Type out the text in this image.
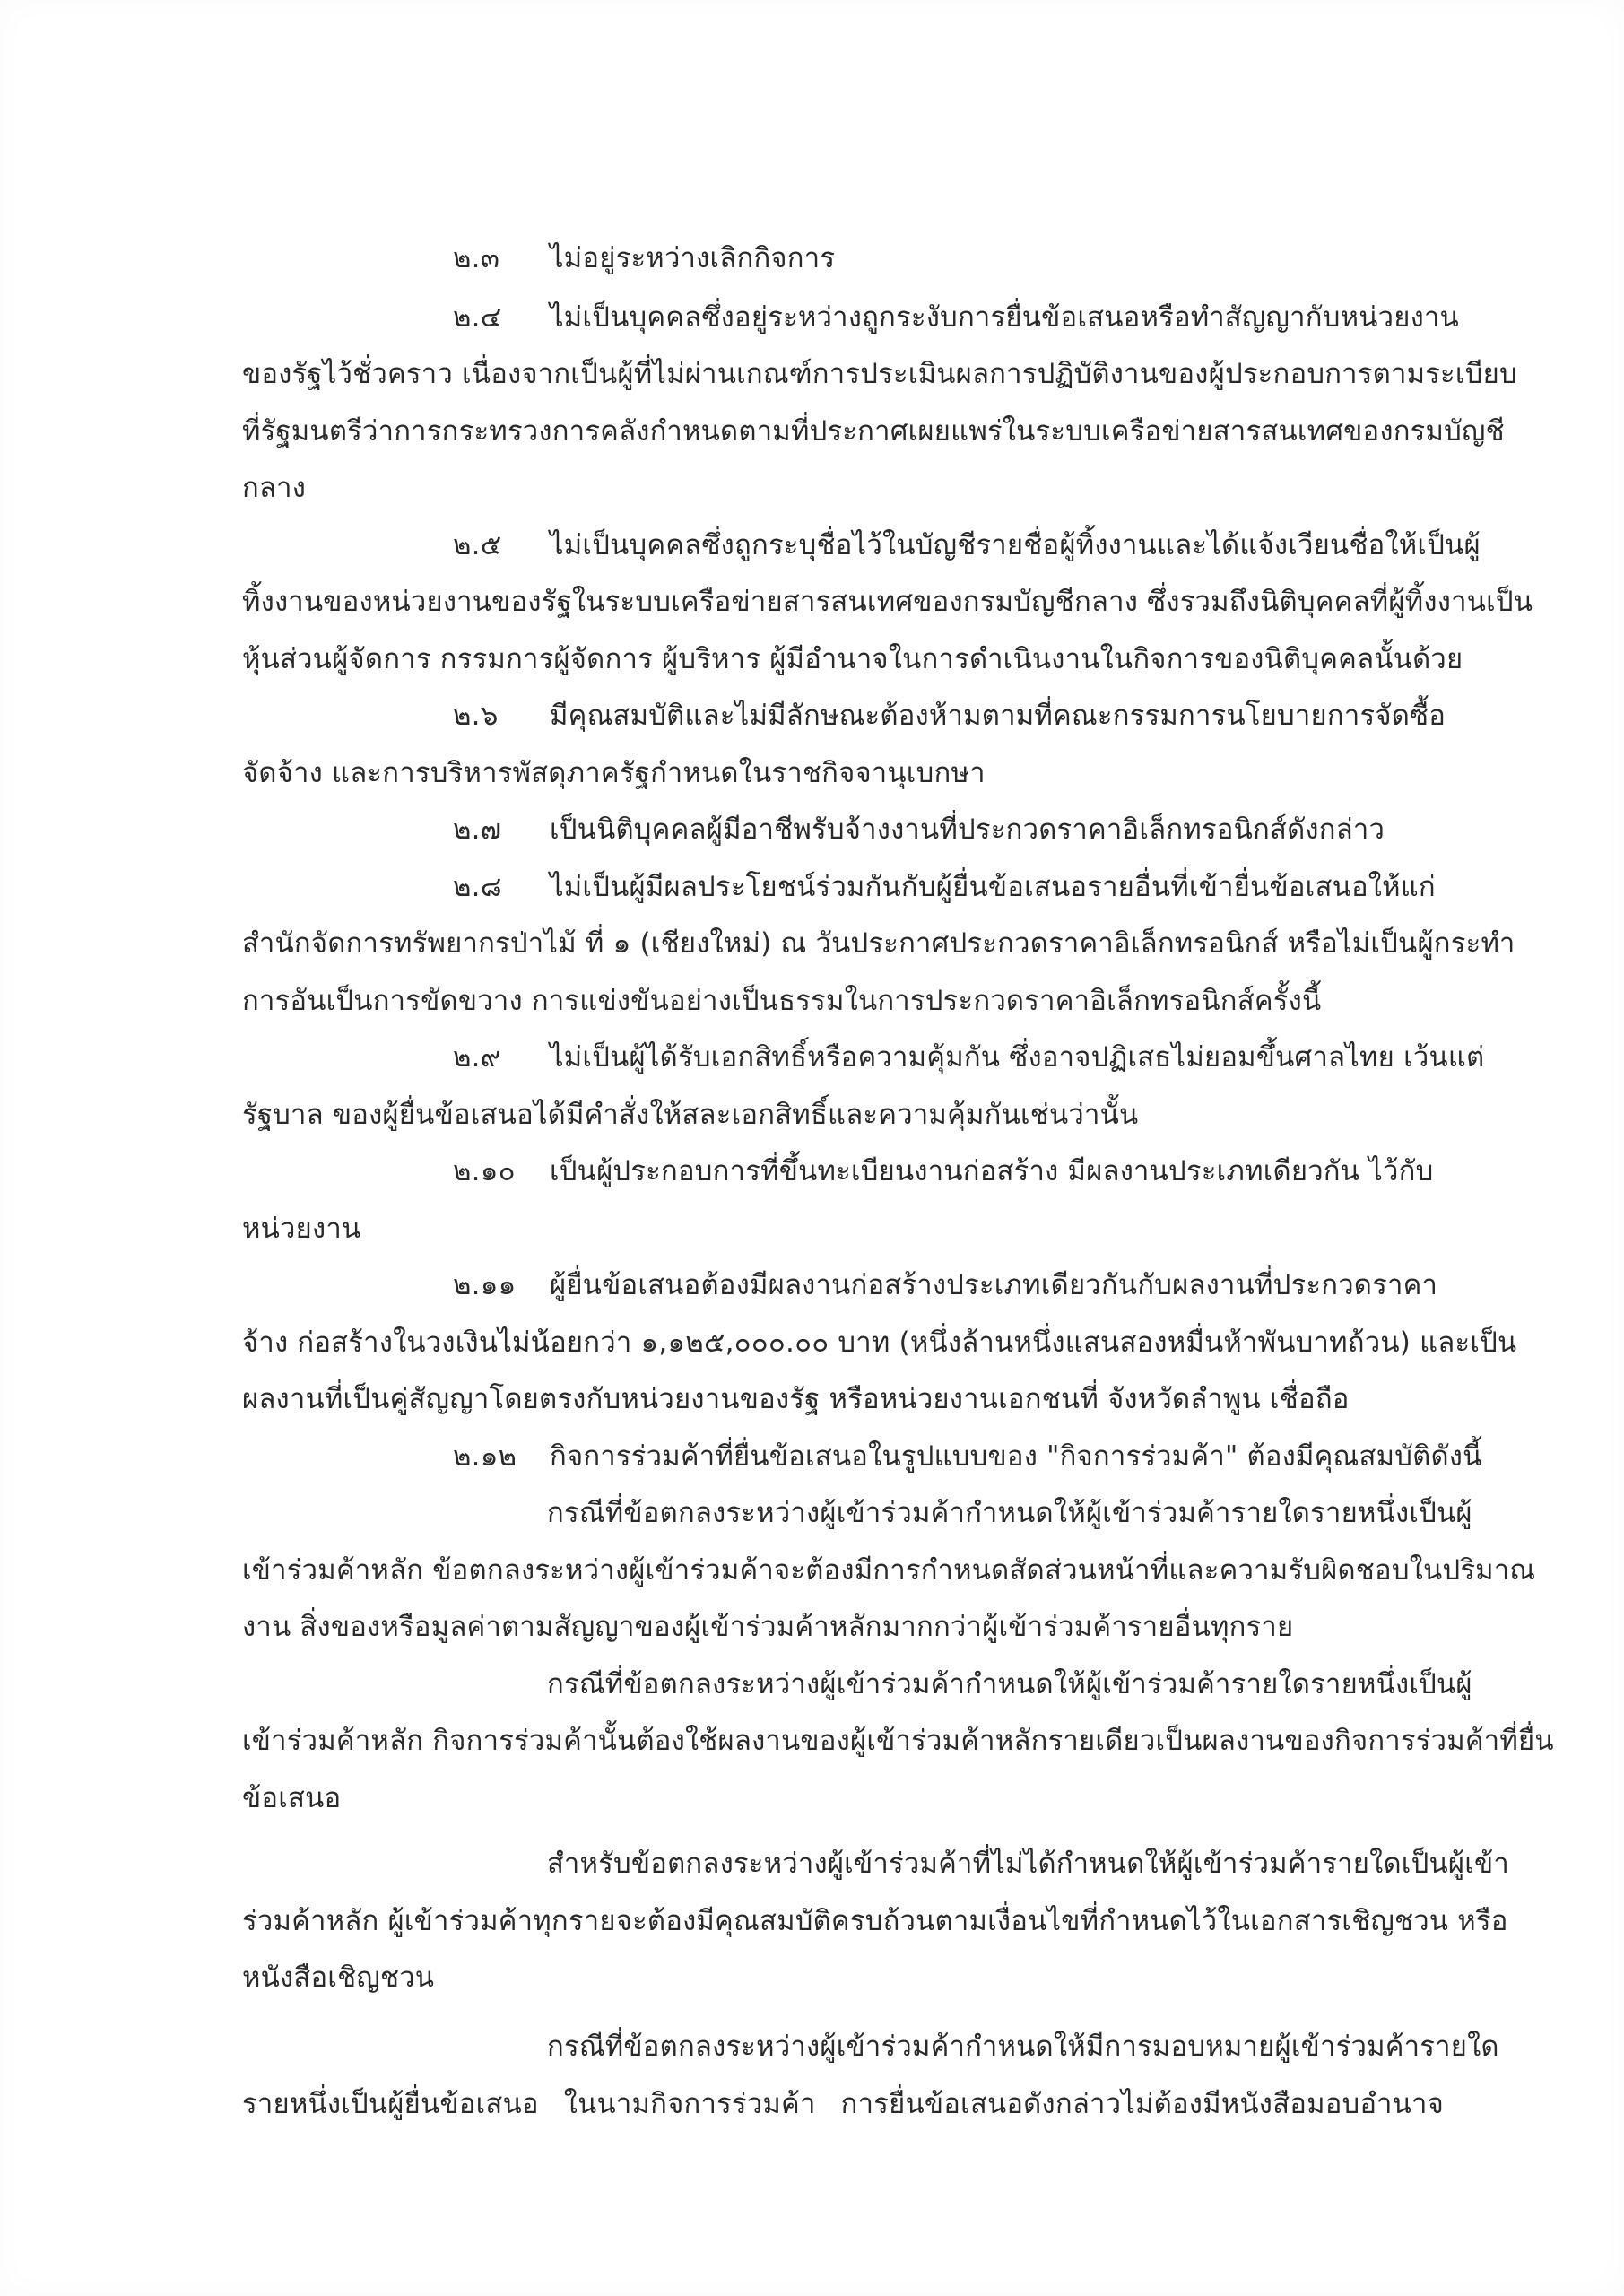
๒.๓ ไม่อยู่ระหว่างเลิกกิจการ
๒.๔ ไม่เป็นบุคคลซึ่งอยู่ระหว่างถูกระงับการยื่นข้อเสนอหรือทำสัญญากับหน่วยงาน
ของรัฐไว้ชั่วคราว เนื่องจากเป็นผู้ที่ไม่ผ่านเกณฑ์การประเมินผลการปฏิบัติงานของผู้ประกอบการตามระเบียบ
ที่รัฐมนตรีว่าการกระทรวงการคลังกำหนดตามที่ประกาศเผยแพร่ในระบบเครือข่ายสารสนเทศของกรมบัญชี
กลาง
๒.๕ ไม่เป็นบุคคลซึ่งถูกระบุชื่อไว้ในบัญชีรายชื่อผู้ทิ้งงานและได้แจ้งเวียนชื่อให้เป็นผู้
ทิ้งงานของหน่วยงานของรัฐในระบบเครือข่ายสารสนเทศของกรมบัญชีกลาง ซึ่งรวมถึงนิติบุคคลที่ผู้ทิ้งงานเป็น
หุ้นส่วนผู้จัดการ กรรมการผู้จัดการ ผู้บริหาร ผู้มีอำนาจในการดำเนินงานในกิจการของนิติบุคคลนั้นด้วย
๒.๖ มีคุณสมบัติและไม่มีลักษณะต้องห้ามตามที่คณะกรรมการนโยบายการจัดซื้อ
จัดจ้าง และการบริหารพัสดุภาครัฐกำหนดในราชกิจจานุเบกษา
๒.๗ เป็นนิติบุคคลผู้มีอาชีพรับจ้างงานที่ประกวดราคาอิเล็กทรอนิกส์ดังกล่าว
๒.๘ ไม่เป็นผู้มีผลประโยชน์ร่วมกันกับผู้ยื่นข้อเสนอรายอื่นที่เข้ายื่นข้อเสนอให้แก่
สำนักจัดการทรัพยากรป่าไม้ ที่ ๑ (เชียงใหม่) ณ วันประกาศประกวดราคาอิเล็กทรอนิกส์ หรือไม่เป็นผู้กระทำ
การอันเป็นการขัดขวาง การแข่งขันอย่างเป็นธรรมในการประกวดราคาอิเล็กทรอนิกส์ครั้งนี้
๒.๙ ไม่เป็นผู้ได้รับเอกสิทธิ์หรือความคุ้มกัน ซึ่งอาจปฏิเสธไม่ยอมขึ้นศาลไทย เว้นแต่
รัฐบาล ของผู้ยื่นข้อเสนอได้มีคำสั่งให้สละเอกสิทธิ์และความคุ้มกันเช่นว่านั้น
๒.๑๐ เป็นผู้ประกอบการที่ขึ้นทะเบียนงานก่อสร้าง มีผลงานประเภทเดียวกัน ไว้กับ
หน่วยงาน
๒.๑๑ ผู้ยื่นข้อเสนอต้องมีผลงานก่อสร้างประเภทเดียวกันกับผลงานที่ประกวดราคา
จ้าง ก่อสร้างในวงเงินไม่น้อยกว่า ๑,๑๒๕,๐๐๐.๐๐ บาท (หนึ่งล้านหนึ่งแสนสองหมื่นห้าพันบาทถ้วน) และเป็น
ผลงานที่เป็นคู่สัญญาโดยตรงกับหน่วยงานของรัฐ หรือหน่วยงานเอกชนที่ จังหวัดลำพูน เชื่อถือ
๒.๑๒ กิจการร่วมค้าที่ยื่นข้อเสนอในรูปแบบของ "กิจการร่วมค้า" ต้องมีคุณสมบัติดังนี้
กรณีที่ข้อตกลงระหว่างผู้เข้าร่วมค้ากำหนดให้ผู้เข้าร่วมค้ารายใดรายหนึ่งเป็นผู้
เข้าร่วมค้าหลัก ข้อตกลงระหว่างผู้เข้าร่วมค้าจะต้องมีการกำหนดสัดส่วนหน้าที่และความรับผิดชอบในปริมาณ
งาน สิ่งของหรือมูลค่าตามสัญญาของผู้เข้าร่วมค้าหลักมากกว่าผู้เข้าร่วมค้ารายอื่นทุกราย
กรณีที่ข้อตกลงระหว่างผู้เข้าร่วมค้ากำหนดให้ผู้เข้าร่วมค้ารายใดรายหนึ่งเป็นผู้
เข้าร่วมค้าหลัก กิจการร่วมค้านั้นต้องใช้ผลงานของผู้เข้าร่วมค้าหลักรายเดียวเป็นผลงานของกิจการร่วมค้าที่ยื่น
ข้อเสนอ
สำหรับข้อตกลงระหว่างผู้เข้าร่วมค้าที่ไม่ได้กำหนดให้ผู้เข้าร่วมค้ารายใดเป็นผู้เข้า
ร่วมค้าหลัก ผู้เข้าร่วมค้าทุกรายจะต้องมีคุณสมบัติครบถ้วนตามเงื่อนไขที่กำหนดไว้ในเอกสารเชิญชวน หรือ
หนังสือเชิญชวน
กรณีที่ข้อตกลงระหว่างผู้เข้าร่วมค้ากำหนดให้มีการมอบหมายผู้เข้าร่วมค้ารายใด
รายหนึ่งเป็นผู้ยื่นข้อเสนอ ในนามกิจการร่วมค้า การยื่นข้อเสนอดังกล่าวไม่ต้องมีหนังสือมอบอำนาจ
